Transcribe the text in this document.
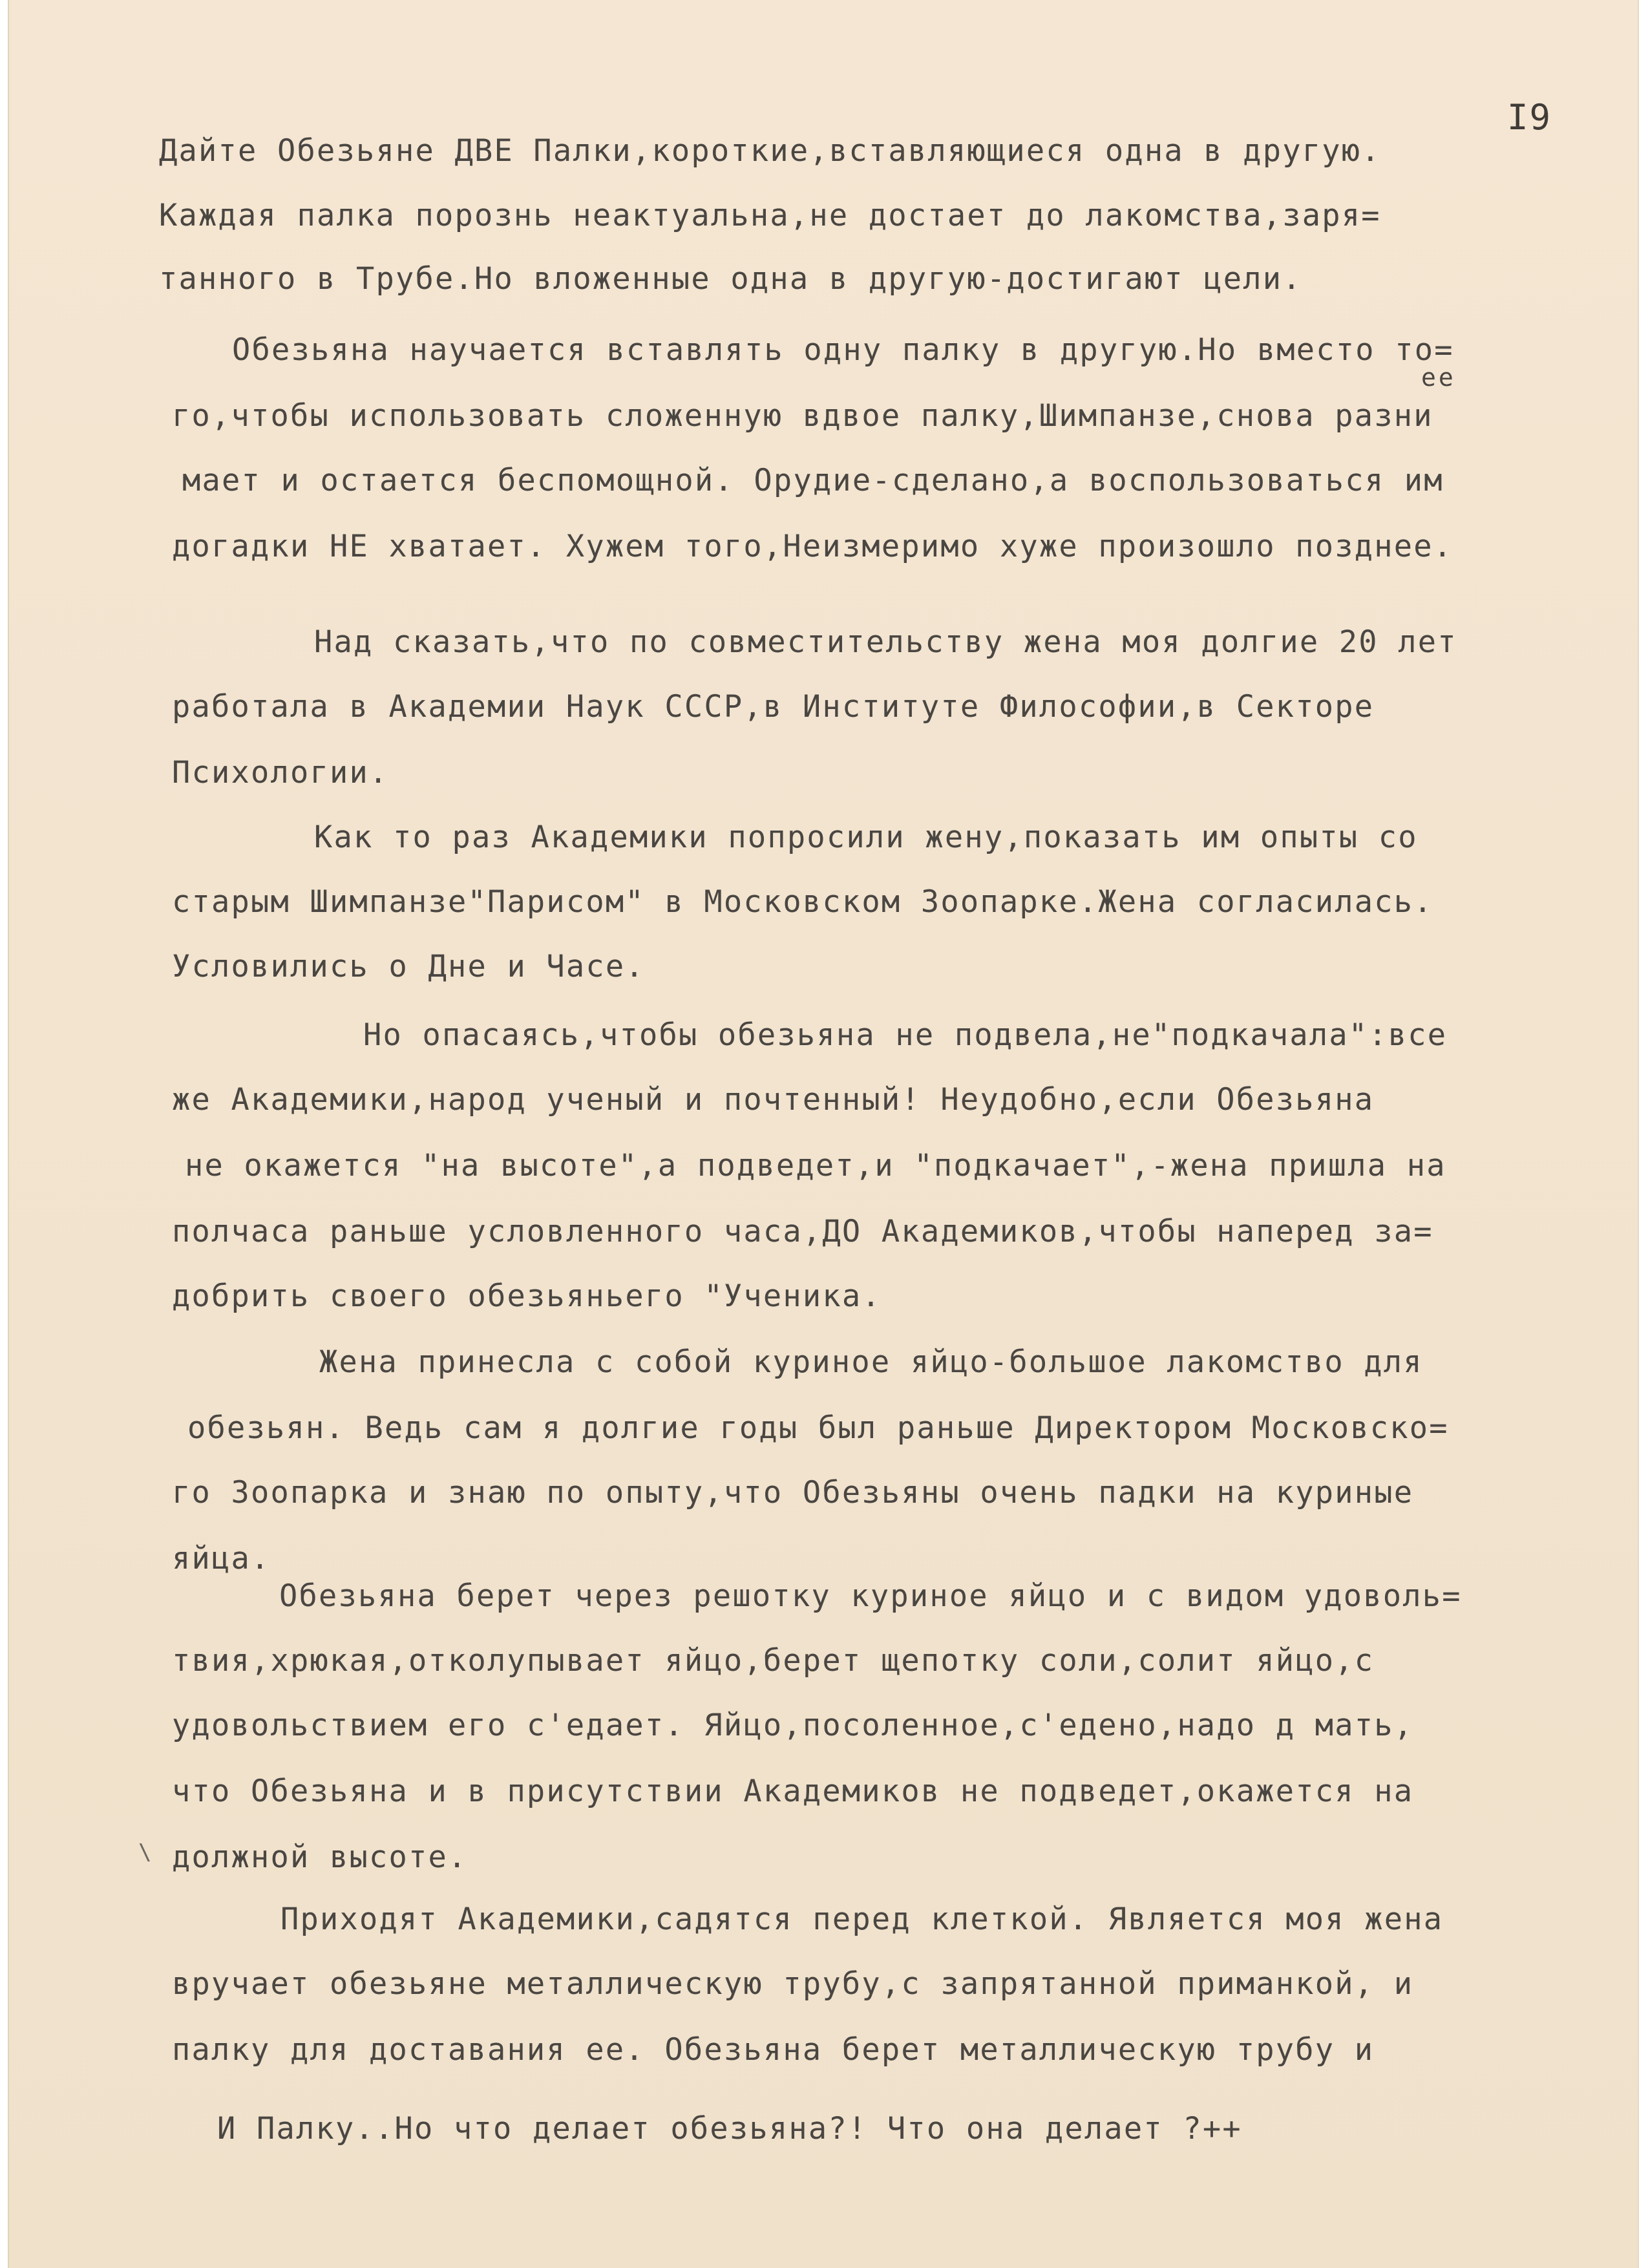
I9
Дайте Обезьяне ДВЕ Палки,короткие,вставляющиеся одна в другую.
Каждая палка порознь неактуальна,не достает до лакомства,заря=
танного в Трубе.Но вложенные одна в другую-достигают цели.
Обезьяна научается вставлять одну палку в другую.Но вместо то=
ее
го,чтобы использовать сложенную вдвое палку,Шимпанзе,снова разни
мает и остается беспомощной. Орудие-сделано,а воспользоваться им
догадки НЕ хватает. Хужем того,Неизмеримо хуже произошло позднее.
Над сказать,что по совместительству жена моя долгие 20 лет
работала в Академии Наук СССР,в Институте Философии,в Секторе
Психологии.
Как то раз Академики попросили жену,показать им опыты со
старым Шимпанзе"Парисом" в Московском Зоопарке.Жена согласилась.
Условились о Дне и Часе.
Но опасаясь,чтобы обезьяна не подвела,не"подкачала":все
же Академики,народ ученый и почтенный! Неудобно,если Обезьяна
не окажется "на высоте",а подведет,и "подкачает",-жена пришла на
полчаса раньше условленного часа,ДО Академиков,чтобы наперед за=
добрить своего обезьяньего "Ученика.
Жена принесла с собой куриное яйцо-большое лакомство для
обезьян. Ведь сам я долгие годы был раньше Директором Московско=
го Зоопарка и знаю по опыту,что Обезьяны очень падки на куриные
яйца.
Обезьяна берет через решотку куриное яйцо и с видом удоволь=
твия,хрюкая,отколупывает яйцо,берет щепотку соли,солит яйцо,с
удовольствием его с'едает. Яйцо,посоленное,с'едено,надо д мать,
что Обезьяна и в присутствии Академиков не подведет,окажется на
\ должной высоте.
Приходят Академики,садятся перед клеткой. Является моя жена
вручает обезьяне металлическую трубу,с запрятанной приманкой, и
палку для доставания ее. Обезьяна берет металлическую трубу и
И Палку..Но что делает обезьяна?! Что она делает ?++
